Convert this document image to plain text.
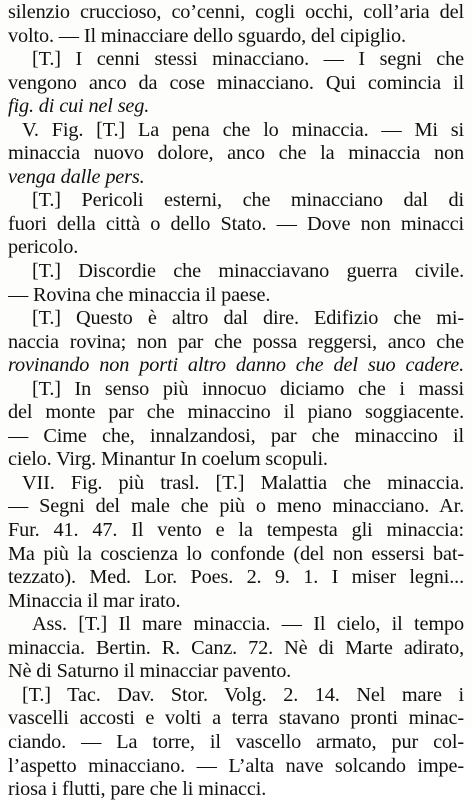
silenzio cruccioso, co’cenni, cogli occhi, coll’aria del
volto. — Il minacciare dello sguardo, del cipiglio.
[T.] I cenni stessi minacciano. — I segni che
vengono anco da cose minacciano. Qui comincia il
fig. di cui nel seg.
V. Fig. [T.] La pena che lo minaccia. — Mi si
minaccia nuovo dolore, anco che la minaccia non
venga dalle pers.
[T.] Pericoli esterni, che minacciano dal di
fuori della città o dello Stato. — Dove non minacci
pericolo.
[T.] Discordie che minacciavano guerra civile.
— Rovina che minaccia il paese.
[T.] Questo è altro dal dire. Edifizio che mi-
naccia rovina; non par che possa reggersi, anco che
rovinando non porti altro danno che del suo cadere.
[T.] In senso più innocuo diciamo che i massi
del monte par che minaccino il piano soggiacente.
— Cime che, innalzandosi, par che minaccino il
cielo. Virg. Minantur In coelum scopuli.
VII. Fig. più trasl. [T.] Malattia che minaccia.
— Segni del male che più o meno minacciano. Ar.
Fur. 41. 47. Il vento e la tempesta gli minaccia:
Ma più la coscienza lo confonde (del non essersi bat-
tezzato). Med. Lor. Poes. 2. 9. 1. I miser legni...
Minaccia il mar irato.
Ass. [T.] Il mare minaccia. — Il cielo, il tempo
minaccia. Bertin. R. Canz. 72. Nè di Marte adirato,
Nè di Saturno il minacciar pavento.
[T.] Tac. Dav. Stor. Volg. 2. 14. Nel mare i
vascelli accosti e volti a terra stavano pronti minac-
ciando. — La torre, il vascello armato, pur col-
l’aspetto minacciano. — L’alta nave solcando impe-
riosa i flutti, pare che li minacci.
